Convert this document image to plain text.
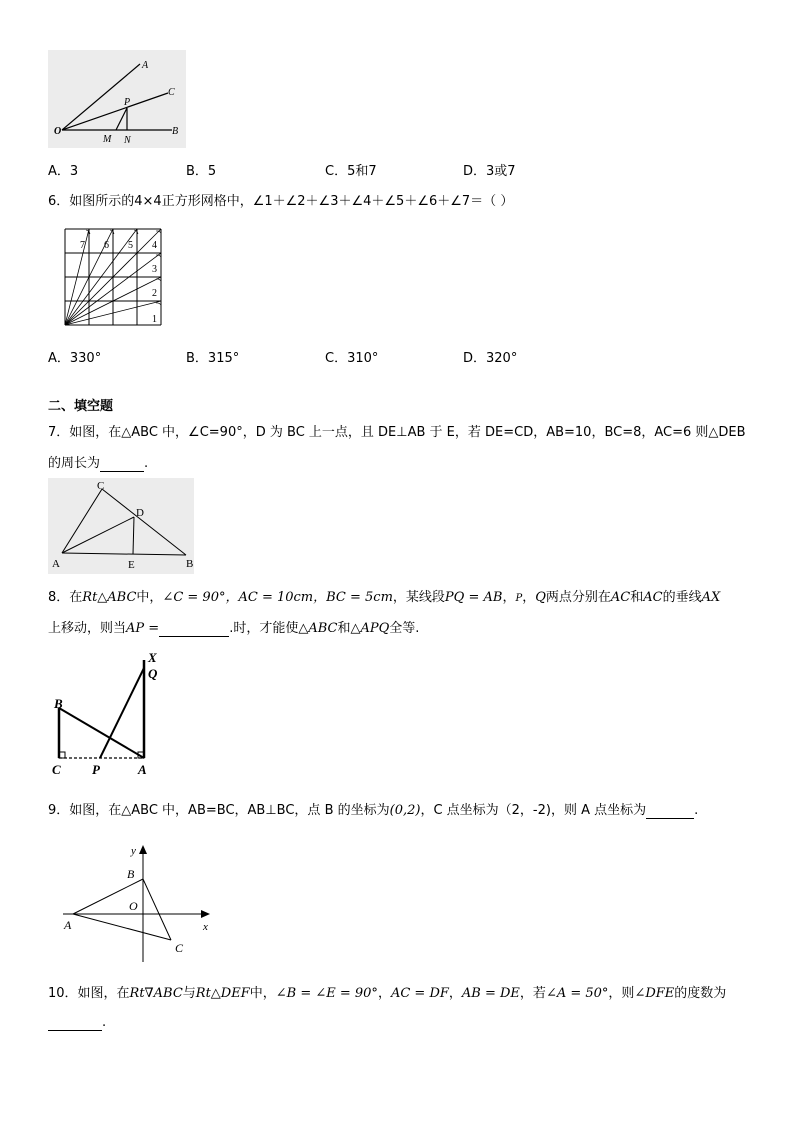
A
C
P
O
M N
B
A．3	B．5	C．5和7	D．3或7
6．如图所示的4×4正方形网格中，∠1＋∠2＋∠3＋∠4＋∠5＋∠6＋∠7＝（ ）
1
2
3
4
5
6
7
A．330°	B．315°	C．310°	D．320°
二、填空题
7．如图，在△ABC 中，∠C=90°，D 为 BC 上一点，且 DE⊥AB 于 E，若 DE=CD，AB=10，BC=8，AC=6 则△DEB
的周长为	.
C
D
A	E	B
8．在Rt△ABC中，∠C = 90°，AC = 10cm，BC = 5cm，某线段PQ = AB，P，Q两点分别在AC和AC的垂线AX
上移动，则当AP =	.时，才能使△ABC和△APQ全等.
X
Q
B
C P	A
9．如图，在△ABC 中，AB=BC，AB⊥BC，点 B 的坐标为(0,2)，C 点坐标为（2，-2)，则 A 点坐标为	.
y
x
B
O
A
C
10．如图，在Rt∇ABC与Rt△DEF中，∠B = ∠E = 90°，AC = DF，AB = DE，若∠A = 50°，则∠DFE的度数为
.
